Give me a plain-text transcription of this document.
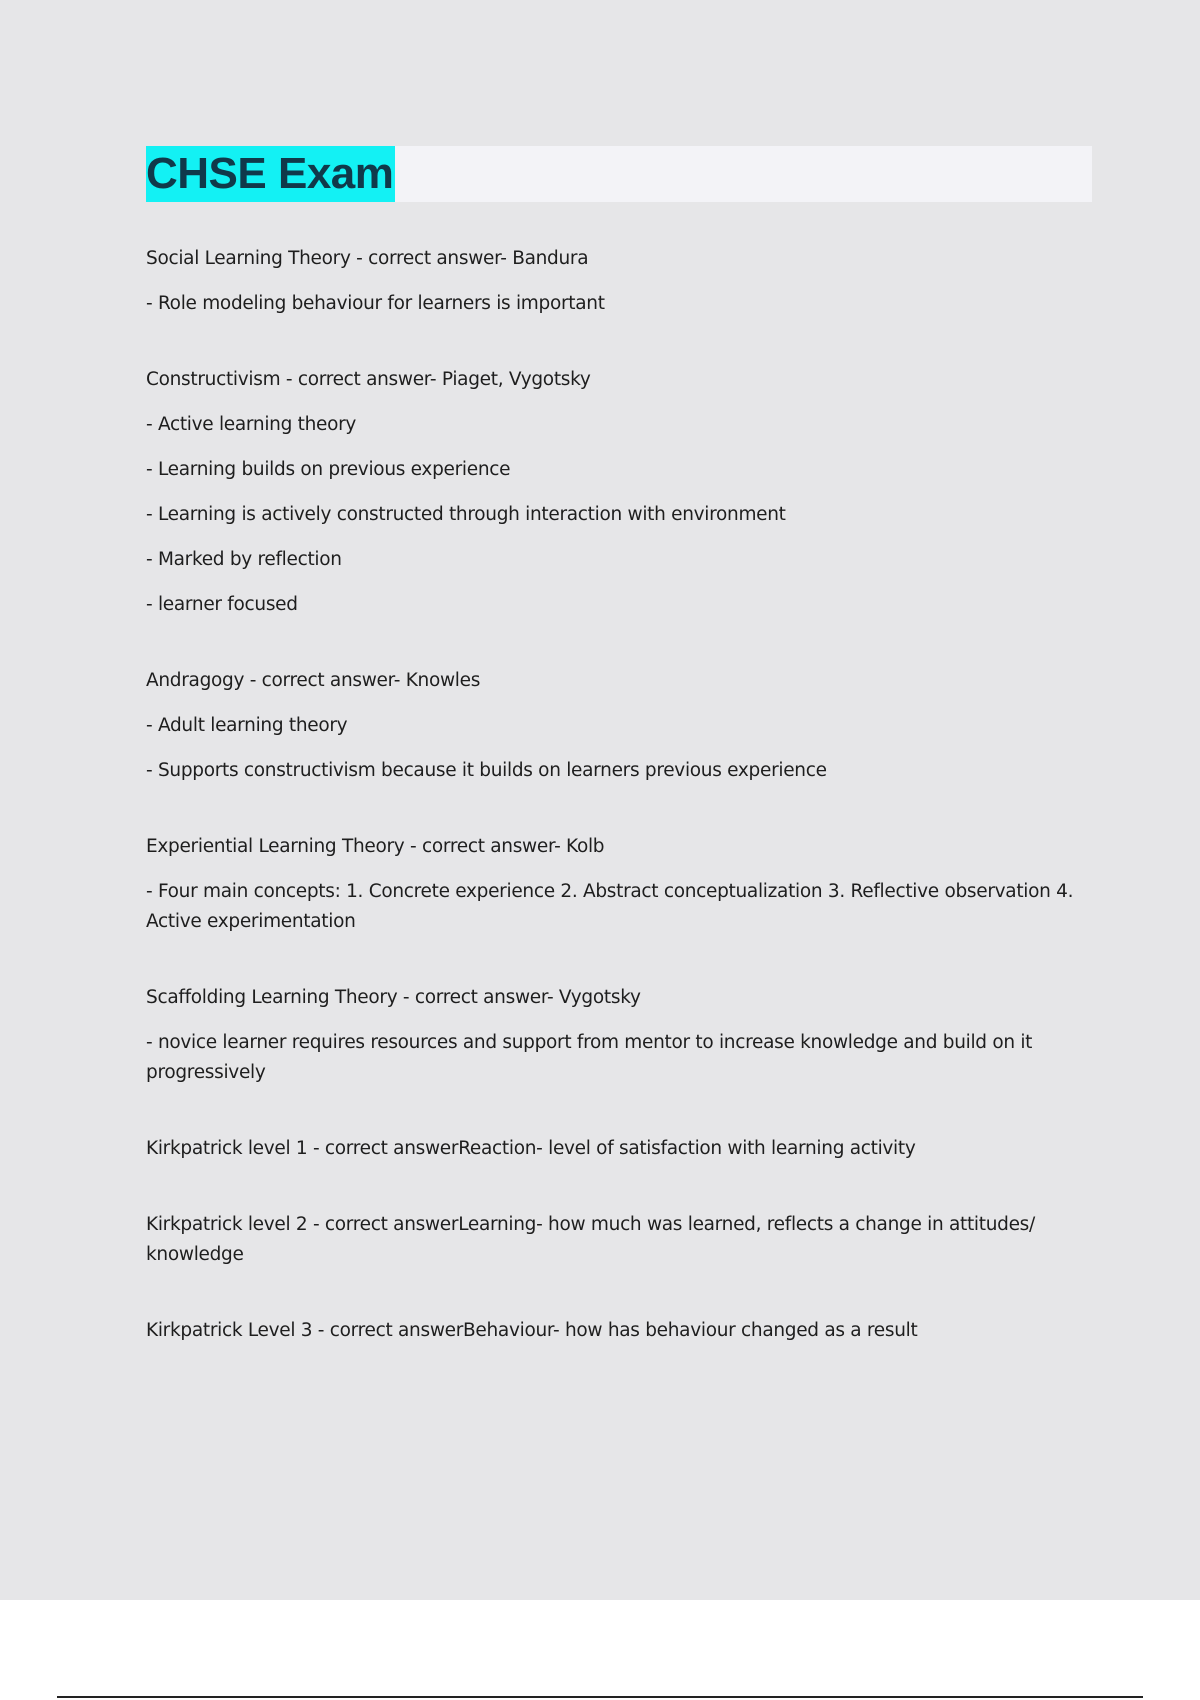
CHSE Exam
Social Learning Theory - correct answer- Bandura
- Role modeling behaviour for learners is important
Constructivism - correct answer- Piaget, Vygotsky
- Active learning theory
- Learning builds on previous experience
- Learning is actively constructed through interaction with environment
- Marked by reflection
- learner focused
Andragogy - correct answer- Knowles
- Adult learning theory
- Supports constructivism because it builds on learners previous experience
Experiential Learning Theory - correct answer- Kolb
- Four main concepts: 1. Concrete experience 2. Abstract conceptualization 3. Reflective observation 4. Active experimentation
Scaffolding Learning Theory - correct answer- Vygotsky
- novice learner requires resources and support from mentor to increase knowledge and build on it progressively
Kirkpatrick level 1 - correct answerReaction- level of satisfaction with learning activity
Kirkpatrick level 2 - correct answerLearning- how much was learned, reflects a change in attitudes/ knowledge
Kirkpatrick Level 3 - correct answerBehaviour- how has behaviour changed as a result
